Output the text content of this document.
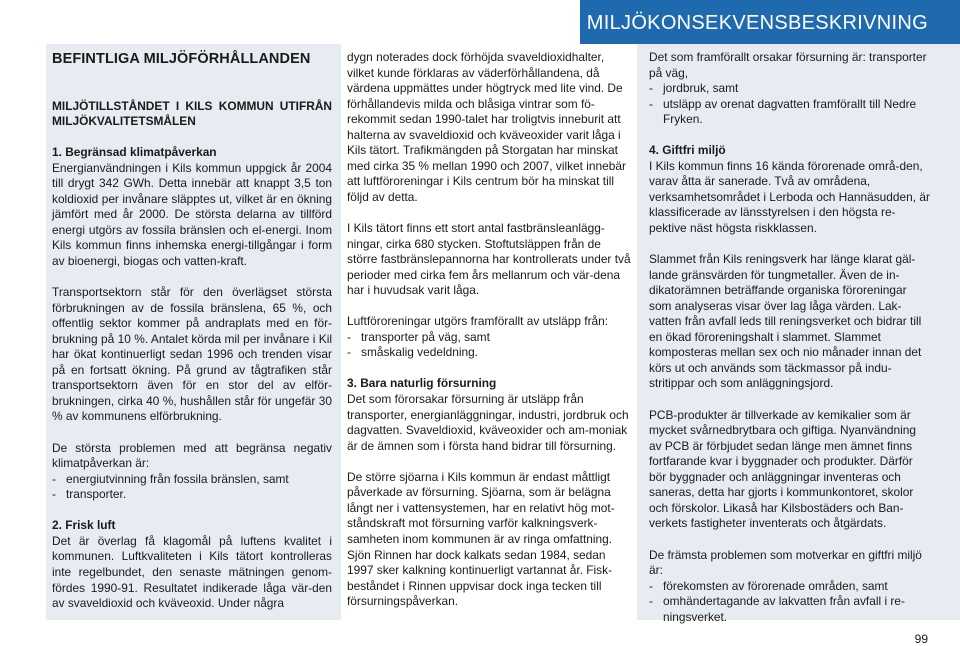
MILJÖKONSEKVENSBESKRIVNING
BEFINTLIGA MILJÖFÖRHÅLLANDEN
MILJÖTILLSTÅNDET I KILS KOMMUN UTIFRÅN MILJÖKVALITETSMÅLEN
1. Begränsad klimatpåverkan

Energianvändningen i Kils kommun uppgick år 2004 till drygt 342 GWh. Detta innebär att knappt 3,5 ton koldioxid per invånare släpptes ut, vilket är en ökning jämfört med år 2000. De största delarna av tillförd energi utgörs av fossila bränslen och el-energi. Inom Kils kommun finns inhemska energi-tillgångar i form av bioenergi, biogas och vatten-kraft.

Transportsektorn står för den överlägset största förbrukningen av de fossila bränslena, 65 %, och offentlig sektor kommer på andraplats med en för-brukning på 10 %. Antalet körda mil per invånare i Kil har ökat kontinuerligt sedan 1996 och trenden visar på en fortsatt ökning. På grund av tågtrafiken står transportsektorn även för en stor del av elför-brukningen, cirka 40 %, hushållen står för ungefär 30 % av kommunens elförbrukning.

De största problemen med att begränsa negativ klimatpåverkan är:

- energiutvinning från fossila bränslen, samt
- transporter.
2. Frisk luft

Det är överlag få klagomål på luftens kvalitet i kommunen. Luftkvaliteten i Kils tätort kontrolleras inte regelbundet, den senaste mätningen genom-fördes 1990-91. Resultatet indikerade låga vär-den av svaveldioxid och kväveoxid. Under några

dygn noterades dock förhöjda svaveldioxidhalter, vilket kunde förklaras av väderförhållandena, då värdena uppmättes under högtryck med lite vind. De förhållandevis milda och blåsiga vintrar som fö-rekommit sedan 1990-talet har troligtvis inneburit att halterna av svaveldioxid och kväveoxider varit låga i Kils tätort. Trafikmängden på Storgatan har minskat med cirka 35 % mellan 1990 och 2007, vilket innebär att luftföroreningar i Kils centrum bör ha minskat till följd av detta.

I Kils tätort finns ett stort antal fastbränsleanlägg-ningar, cirka 680 stycken. Stoftutsläppen från de större fastbränslepannorna har kontrollerats under två perioder med cirka fem års mellanrum och vär-dena har i huvudsak varit låga.

Luftföroreningar utgörs framförallt av utsläpp från:

- transporter på väg, samt
- småskalig vedeldning.
3. Bara naturlig försurning

Det som förorsakar försurning är utsläpp från transporter, energianläggningar, industri, jordbruk och dagvatten. Svaveldioxid, kväveoxider och am-moniak är de ämnen som i första hand bidrar till försurning.

De större sjöarna i Kils kommun är endast måttligt påverkade av försurning. Sjöarna, som är belägna långt ner i vattensystemen, har en relativt hög mot-ståndskraft mot försurning varför kalkningsverk-samheten inom kommunen är av ringa omfattning. Sjön Rinnen har dock kalkats sedan 1984, sedan 1997 sker kalkning kontinuerligt vartannat år. Fisk-beståndet i Rinnen uppvisar dock inga tecken till försurningspåverkan.

Det som framförallt orsakar försurning är: transporter på väg,

- jordbruk, samt
- utsläpp av orenat dagvatten framförallt till Nedre Fryken.
4. Giftfri miljö

I Kils kommun finns 16 kända förorenade områ-den, varav åtta är sanerade. Två av områdena, verksamhetsområdet i Lerboda och Hannäsudden, är klassificerade av länsstyrelsen i den högsta re-pektive näst högsta riskklassen.

Slammet från Kils reningsverk har länge klarat gäl-lande gränsvärden för tungmetaller. Även de in-dikatorämnen beträffande organiska föroreningar som analyseras visar över lag låga värden. Lak-vatten från avfall leds till reningsverket och bidrar till en ökad föroreningshalt i slammet. Slammet komposteras mellan sex och nio månader innan det körs ut och används som täckmassor på indu-stritippar och som anläggningsjord.

PCB-produkter är tillverkade av kemikalier som är mycket svårnedbrytbara och giftiga. Nyanvändning av PCB är förbjudet sedan länge men ämnet finns fortfarande kvar i byggnader och produkter. Därför bör byggnader och anläggningar inventeras och saneras, detta har gjorts i kommunkontoret, skolor och förskolor. Likaså har Kilsbostäders och Ban-verkets fastigheter inventerats och åtgärdats.

De främsta problemen som motverkar en giftfri miljö är:

- förekomsten av förorenade områden, samt
- omhändertagande av lakvatten från avfall i re-ningsverket.
99
